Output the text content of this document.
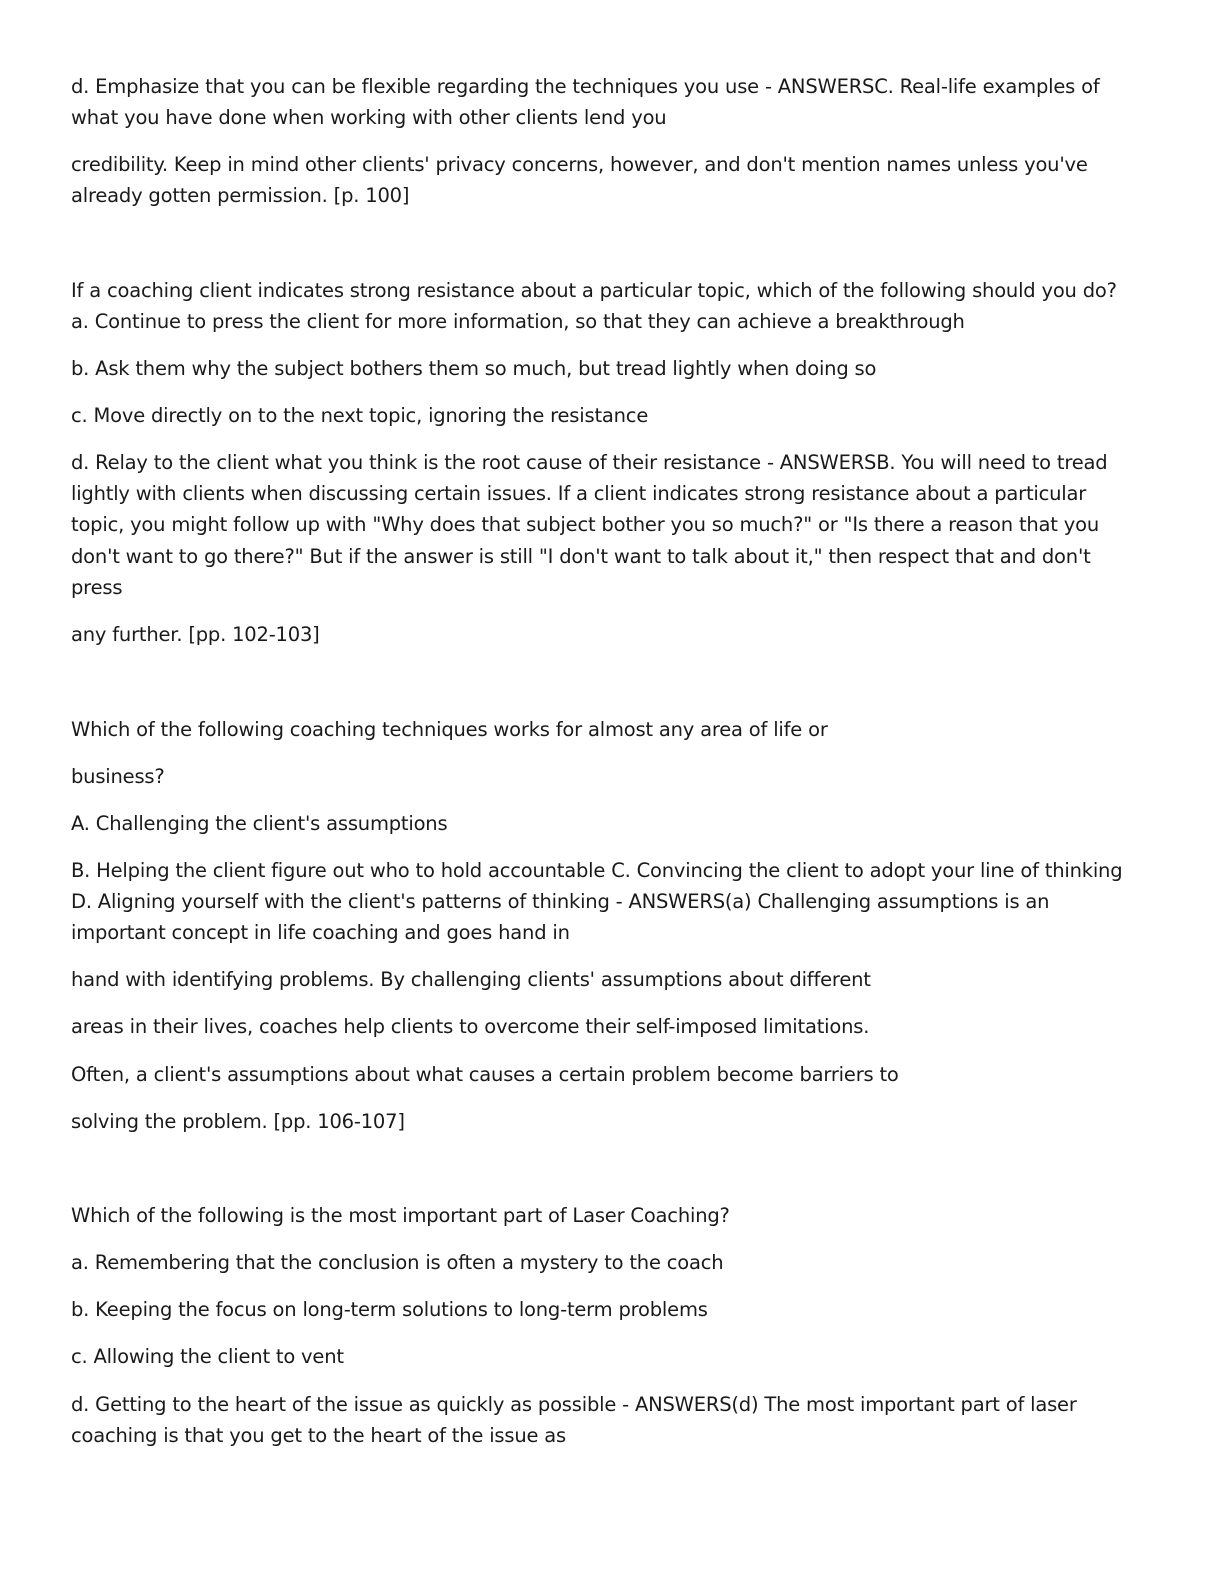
d. Emphasize that you can be flexible regarding the techniques you use - ANSWERSC. Real-life examples of
what you have done when working with other clients lend you
credibility. Keep in mind other clients' privacy concerns, however, and don't mention names unless you've
already gotten permission. [p. 100]
If a coaching client indicates strong resistance about a particular topic, which of the following should you do?
a. Continue to press the client for more information, so that they can achieve a breakthrough
b. Ask them why the subject bothers them so much, but tread lightly when doing so
c. Move directly on to the next topic, ignoring the resistance
d. Relay to the client what you think is the root cause of their resistance - ANSWERSB. You will need to tread
lightly with clients when discussing certain issues. If a client indicates strong resistance about a particular
topic, you might follow up with "Why does that subject bother you so much?" or "Is there a reason that you
don't want to go there?" But if the answer is still "I don't want to talk about it," then respect that and don't
press
any further. [pp. 102-103]
Which of the following coaching techniques works for almost any area of life or
business?
A. Challenging the client's assumptions
B. Helping the client figure out who to hold accountable C. Convincing the client to adopt your line of thinking
D. Aligning yourself with the client's patterns of thinking - ANSWERS(a) Challenging assumptions is an
important concept in life coaching and goes hand in
hand with identifying problems. By challenging clients' assumptions about different
areas in their lives, coaches help clients to overcome their self-imposed limitations.
Often, a client's assumptions about what causes a certain problem become barriers to
solving the problem. [pp. 106-107]
Which of the following is the most important part of Laser Coaching?
a. Remembering that the conclusion is often a mystery to the coach
b. Keeping the focus on long-term solutions to long-term problems
c. Allowing the client to vent
d. Getting to the heart of the issue as quickly as possible - ANSWERS(d) The most important part of laser
coaching is that you get to the heart of the issue as
